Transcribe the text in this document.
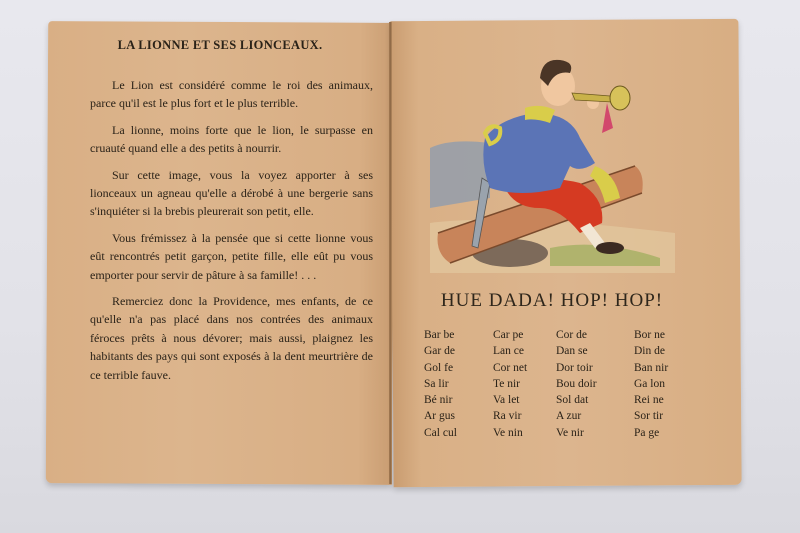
LA LIONNE ET SES LIONCEAUX.

Le Lion est considéré comme le roi des animaux, parce qu'il est le plus fort et le plus terrible.

La lionne, moins forte que le lion, le surpasse en cruauté quand elle a des petits à nourrir.

Sur cette image, vous la voyez apporter à ses lionceaux un agneau qu'elle a dérobé à une bergerie sans s'inquiéter si la brebis pleurerait son petit, elle.

Vous frémissez à la pensée que si cette lionne vous eût rencontrés petit garçon, petite fille, elle eût pu vous emporter pour servir de pâture à sa famille! . . .

Remerciez donc la Providence, mes enfants, de ce qu'elle n'a pas placé dans nos contrées des animaux féroces prêts à nous dévorer; mais aussi, plaignez les habitants des pays qui sont exposés à la dent meurtrière de ce terrible fauve.

HUE DADA! HOP! HOP!
Bar be
Gar de
Gol fe
Sa lir
Bé nir
Ar gus
Cal cul
Car pe
Lan ce
Cor net
Te nir
Va let
Ra vir
Ve nin
Cor de
Dan se
Dor toir
Bou doir
Sol dat
A zur
Ve nir
Bor ne
Din de
Ban nir
Ga lon
Rei ne
Sor tir
Pa ge
